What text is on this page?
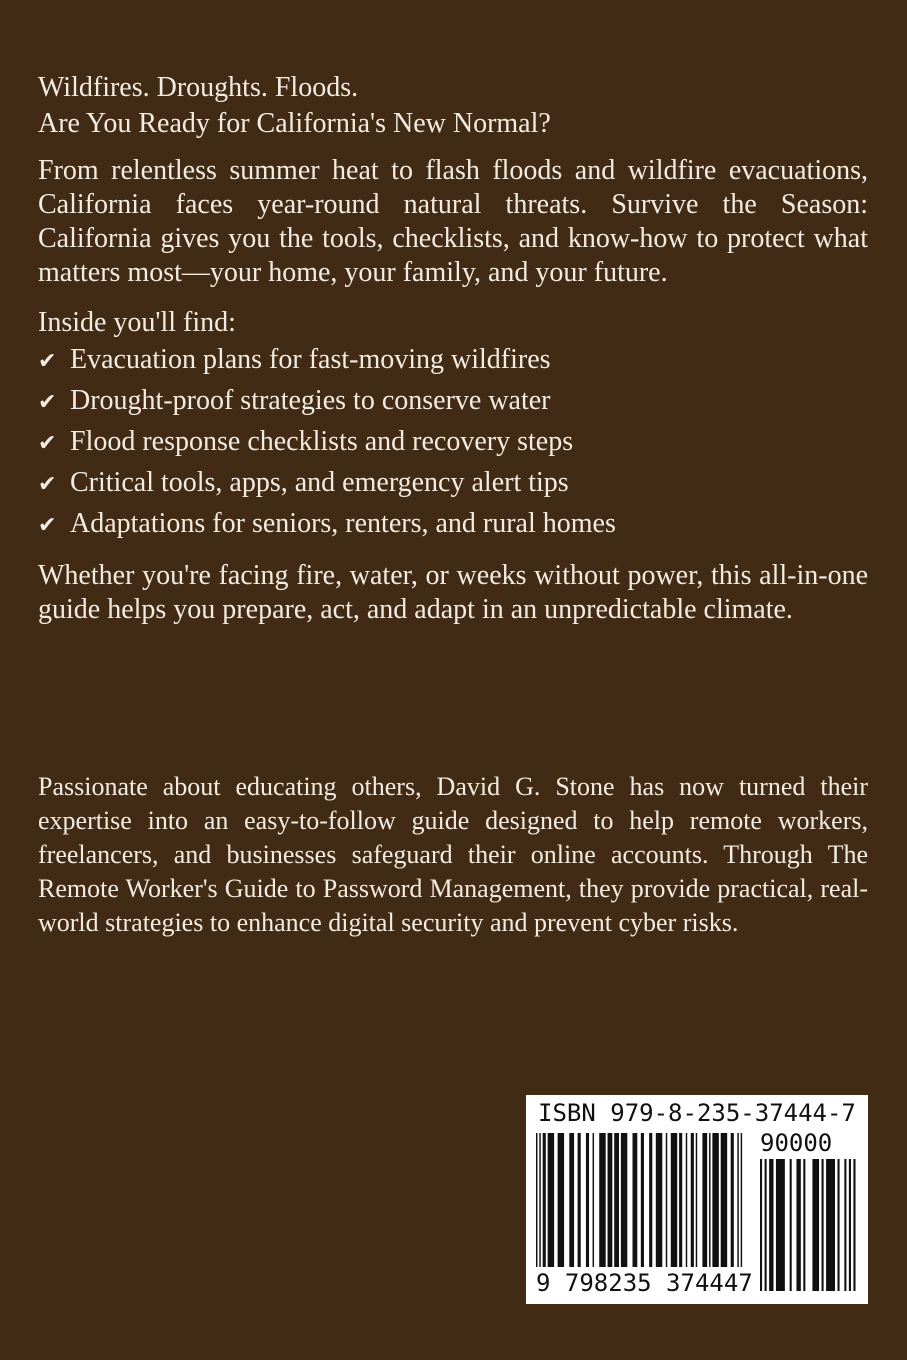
Wildfires. Droughts. Floods.

Are You Ready for California's New Normal?

From relentless summer heat to flash floods and wildfire evacuations, California faces year-round natural threats. Survive the Season: California gives you the tools, checklists, and know-how to protect what matters most—your home, your family, and your future.

Inside you'll find:

✔ Evacuation plans for fast-moving wildfires
✔ Drought-proof strategies to conserve water
✔ Flood response checklists and recovery steps
✔ Critical tools, apps, and emergency alert tips
✔ Adaptations for seniors, renters, and rural homes

Whether you're facing fire, water, or weeks without power, this all-in-one guide helps you prepare, act, and adapt in an unpredictable climate.

Passionate about educating others, David G. Stone has now turned their expertise into an easy-to-follow guide designed to help remote workers, freelancers, and businesses safeguard their online accounts. Through The Remote Worker's Guide to Password Management, they provide practical, real-world strategies to enhance digital security and prevent cyber risks.

ISBN 979-8-235-37444-7
90000
9 798235 374447
